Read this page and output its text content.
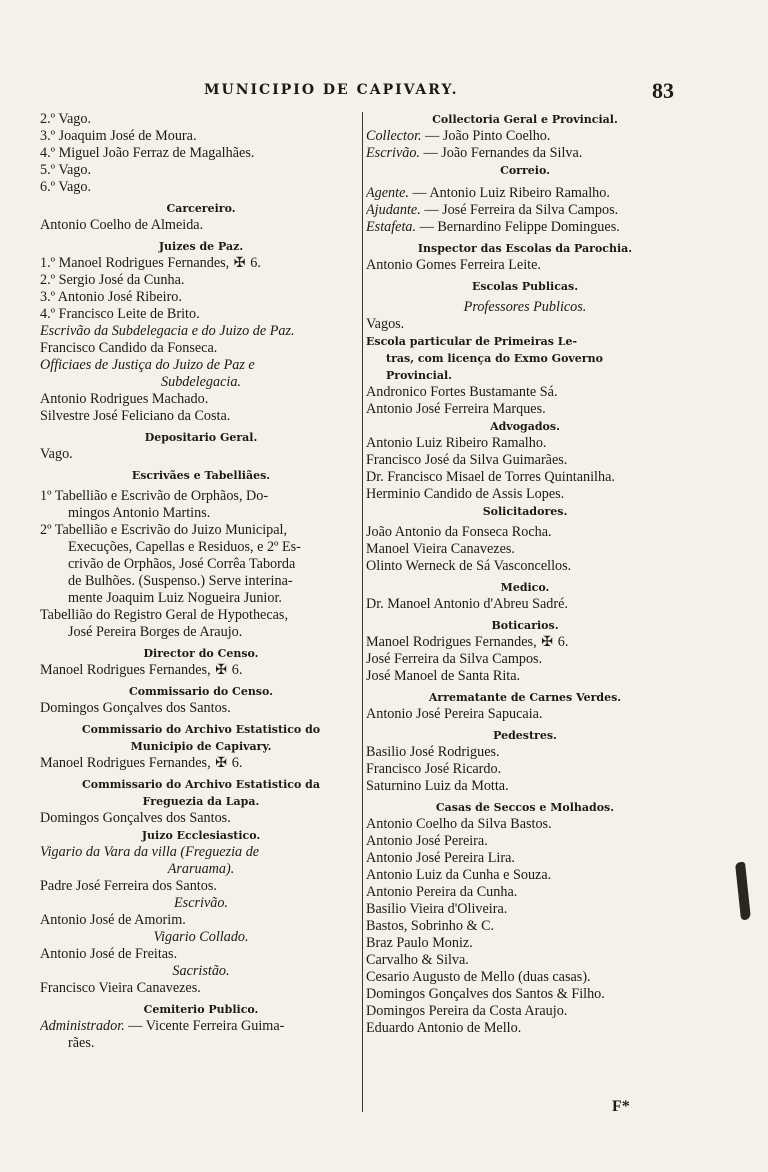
MUNICIPIO DE CAPIVARY.	83
2.º Vago.
3.º Joaquim José de Moura.
4.º Miguel João Ferraz de Magalhães.
5.º Vago.
6.º Vago.
Carcereiro.
Antonio Coelho de Almeida.
Juizes de Paz.
1.º Manoel Rodrigues Fernandes, ✠ 6.
2.º Sergio José da Cunha.
3.º Antonio José Ribeiro.
4.º Francisco Leite de Brito.
Escrivão da Subdelegacia e do Juizo de Paz.
Francisco Candido da Fonseca.
Officiaes de Justiça do Juizo de Paz e
Subdelegacia.
Antonio Rodrigues Machado.
Silvestre José Feliciano da Costa.
Depositario Geral.
Vago.
Escrivães e Tabelliães.
1º Tabellião e Escrivão de Orphãos, Do-
mingos Antonio Martins.
2º Tabellião e Escrivão do Juizo Municipal,
Execuções, Capellas e Residuos, e 2º Es-
crivão de Orphãos, José Corrêa Taborda
de Bulhões. (Suspenso.) Serve interina-
mente Joaquim Luiz Nogueira Junior.
Tabellião do Registro Geral de Hypothecas,
José Pereira Borges de Araujo.
Director do Censo.
Manoel Rodrigues Fernandes, ✠ 6.
Commissario do Censo.
Domingos Gonçalves dos Santos.
Commissario do Archivo Estatistico do
Municipio de Capivary.
Manoel Rodrigues Fernandes, ✠ 6.
Commissario do Archivo Estatistico da
Freguezia da Lapa.
Domingos Gonçalves dos Santos.
Juizo Ecclesiastico.
Vigario da Vara da villa (Freguezia de
Araruama).
Padre José Ferreira dos Santos.
Escrivão.
Antonio José de Amorim.
Vigario Collado.
Antonio José de Freitas.
Sacristão.
Francisco Vieira Canavezes.
Cemiterio Publico.
Administrador. — Vicente Ferreira Guima-
rães.
Collectoria Geral e Provincial.
Collector. — João Pinto Coelho.
Escrivão. — João Fernandes da Silva.
Correio.
Agente. — Antonio Luiz Ribeiro Ramalho.
Ajudante. — José Ferreira da Silva Campos.
Estafeta. — Bernardino Felippe Domingues.
Inspector das Escolas da Parochia.
Antonio Gomes Ferreira Leite.
Escolas Publicas.
Professores Publicos.
Vagos.
Escola particular de Primeiras Le-
tras, com licença do Exmo Governo
Provincial.
Andronico Fortes Bustamante Sá.
Antonio José Ferreira Marques.
Advogados.
Antonio Luiz Ribeiro Ramalho.
Francisco José da Silva Guimarães.
Dr. Francisco Misael de Torres Quintanilha.
Herminio Candido de Assis Lopes.
Solicitadores.
João Antonio da Fonseca Rocha.
Manoel Vieira Canavezes.
Olinto Werneck de Sá Vasconcellos.
Medico.
Dr. Manoel Antonio d'Abreu Sadré.
Boticarios.
Manoel Rodrigues Fernandes, ✠ 6.
José Ferreira da Silva Campos.
José Manoel de Santa Rita.
Arrematante de Carnes Verdes.
Antonio José Pereira Sapucaia.
Pedestres.
Basilio José Rodrigues.
Francisco José Ricardo.
Saturnino Luiz da Motta.
Casas de Seccos e Molhados.
Antonio Coelho da Silva Bastos.
Antonio José Pereira.
Antonio José Pereira Lira.
Antonio Luiz da Cunha e Souza.
Antonio Pereira da Cunha.
Basilio Vieira d'Oliveira.
Bastos, Sobrinho & C.
Braz Paulo Moniz.
Carvalho & Silva.
Cesario Augusto de Mello (duas casas).
Domingos Gonçalves dos Santos & Filho.
Domingos Pereira da Costa Araujo.
Eduardo Antonio de Mello.
F*
